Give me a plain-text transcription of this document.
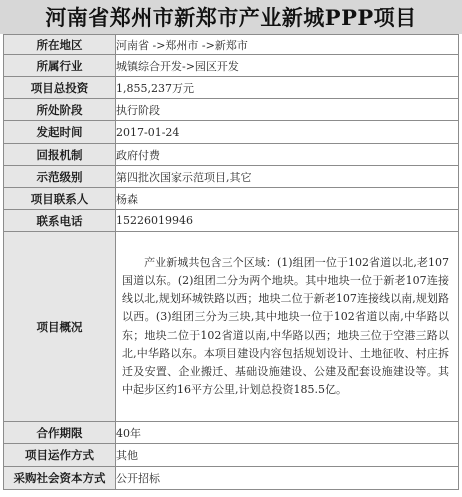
河南省郑州市新郑市产业新城PPP项目
所在地区	河南省 ->郑州市 ->新郑市
所属行业	城镇综合开发->园区开发
项目总投资	1,855,237万元
所处阶段	执行阶段
发起时间	2017-01-24
回报机制	政府付费
示范级别	第四批次国家示范项目,其它
项目联系人	杨森
联系电话	15226019946
项目概况	产业新城共包含三个区域：(1)组团一位于102省道以北,老107国道以东。(2)组团二分为两个地块。其中地块一位于新老107连接线以北,规划环城铁路以西；地块二位于新老107连接线以南,规划路以西。(3)组团三分为三块,其中地块一位于102省道以南,中华路以东；地块二位于102省道以南,中华路以西；地块三位于空港三路以北,中华路以东。本项目建设内容包括规划设计、土地征收、村庄拆迁及安置、企业搬迁、基础设施建设、公建及配套设施建设等。其中起步区约16平方公里,计划总投资185.5亿。
合作期限	40年
项目运作方式	其他
采购社会资本方式	公开招标
